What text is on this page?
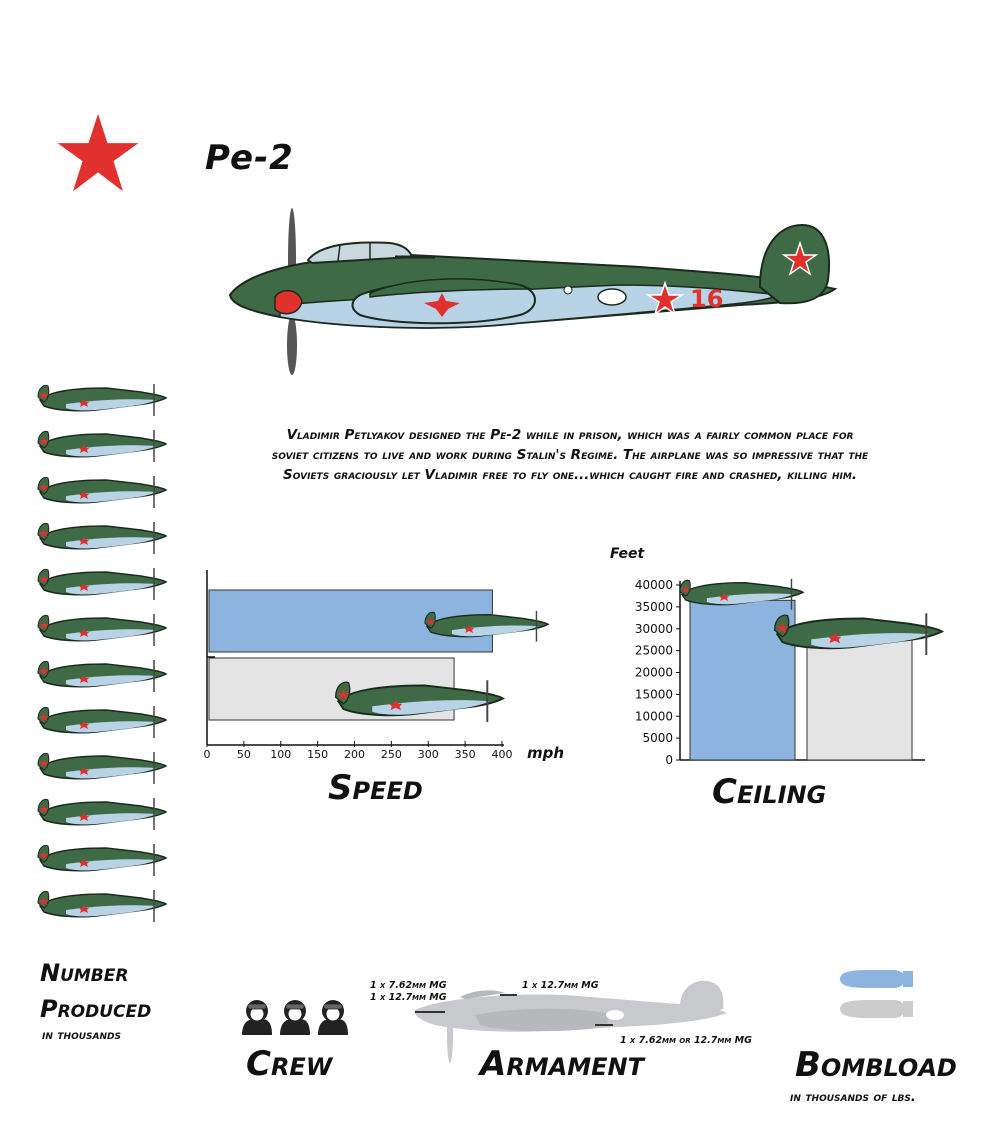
Pe-2
16
Vladimir Petlyakov designed the Pe-2 while in prison, which was a fairly common place for
soviet citizens to live and work during Stalin's Regime. The airplane was so impressive that the
Soviets graciously let Vladimir free to fly one...which caught fire and crashed, killing him.
Number
Produced
in thousands
0 50 100 150 200 250 300 350 400 mph
Speed
Feet
0
5000
10000
15000
20000
25000
30000
35000
40000
Ceiling
Crew
1 x 7.62mm MG
1 x 12.7mm MG
1 x 12.7mm MG
1 x 7.62mm or 12.7mm MG
Armament	Bombload
in thousands of lbs.
